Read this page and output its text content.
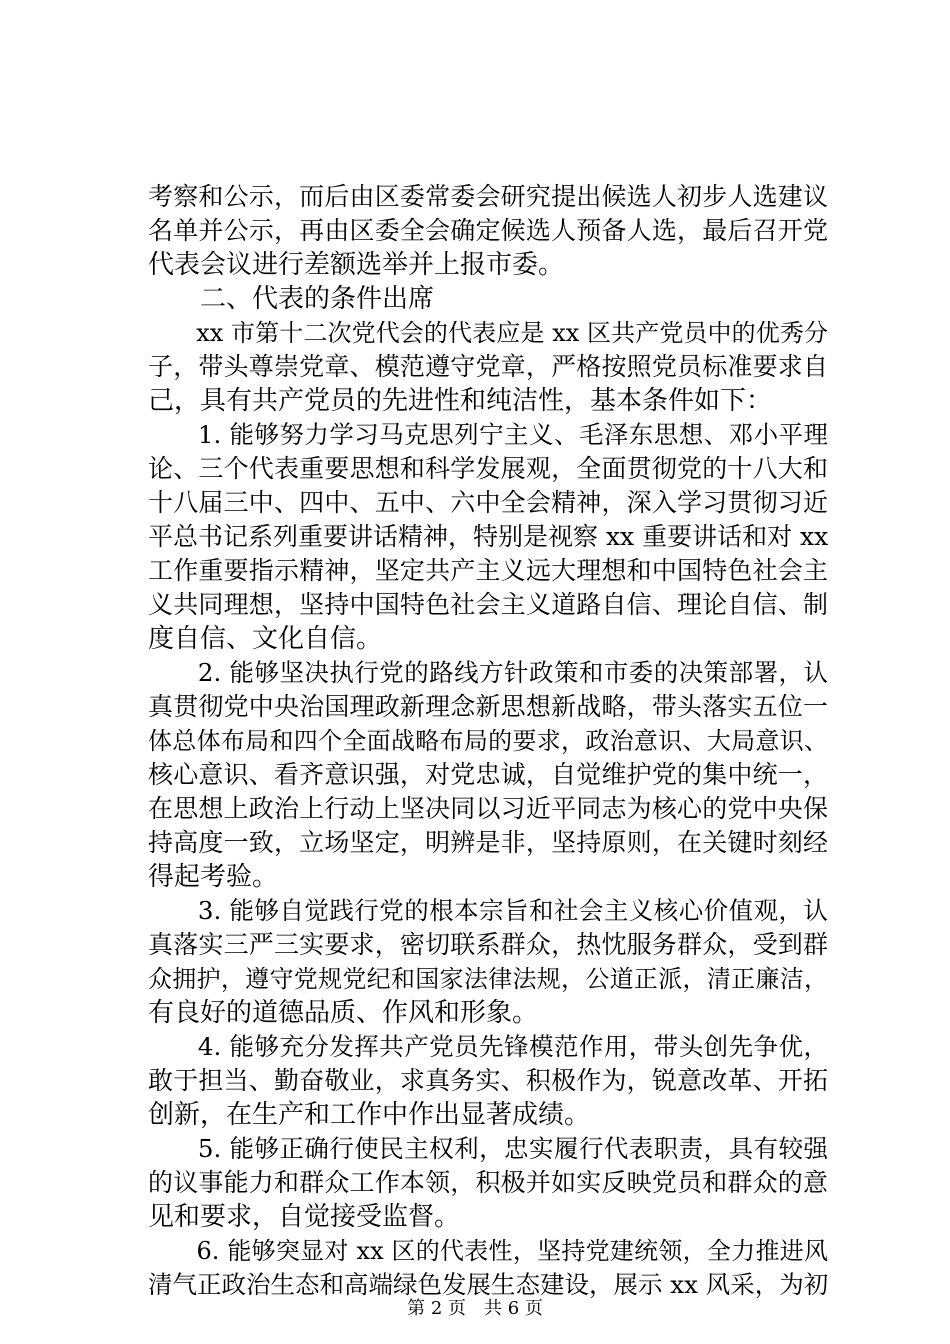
考察和公示，而后由区委常委会研究提出候选人初步人选建议
名单并公示，再由区委全会确定候选人预备人选，最后召开党
代表会议进行差额选举并上报市委。
　　二、代表的条件出席
　　xx 市第十二次党代会的代表应是 xx 区共产党员中的优秀分
子，带头尊崇党章、模范遵守党章，严格按照党员标准要求自
己，具有共产党员的先进性和纯洁性，基本条件如下：
　　1. 能够努力学习马克思列宁主义、毛泽东思想、邓小平理
论、三个代表重要思想和科学发展观，全面贯彻党的十八大和
十八届三中、四中、五中、六中全会精神，深入学习贯彻习近
平总书记系列重要讲话精神，特别是视察 xx 重要讲话和对 xx
工作重要指示精神，坚定共产主义远大理想和中国特色社会主
义共同理想，坚持中国特色社会主义道路自信、理论自信、制
度自信、文化自信。
　　2. 能够坚决执行党的路线方针政策和市委的决策部署，认
真贯彻党中央治国理政新理念新思想新战略，带头落实五位一
体总体布局和四个全面战略布局的要求，政治意识、大局意识、
核心意识、看齐意识强，对党忠诚，自觉维护党的集中统一，
在思想上政治上行动上坚决同以习近平同志为核心的党中央保
持高度一致，立场坚定，明辨是非，坚持原则，在关键时刻经
得起考验。
　　3. 能够自觉践行党的根本宗旨和社会主义核心价值观，认
真落实三严三实要求，密切联系群众，热忱服务群众，受到群
众拥护，遵守党规党纪和国家法律法规，公道正派，清正廉洁，
有良好的道德品质、作风和形象。
　　4. 能够充分发挥共产党员先锋模范作用，带头创先争优，
敢于担当、勤奋敬业，求真务实、积极作为，锐意改革、开拓
创新，在生产和工作中作出显著成绩。
　　5. 能够正确行使民主权利，忠实履行代表职责，具有较强
的议事能力和群众工作本领，积极并如实反映党员和群众的意
见和要求，自觉接受监督。
　　6. 能够突显对 xx 区的代表性，坚持党建统领，全力推进风
清气正政治生态和高端绿色发展生态建设，展示 xx 风采，为初
第 2 页　共 6 页
